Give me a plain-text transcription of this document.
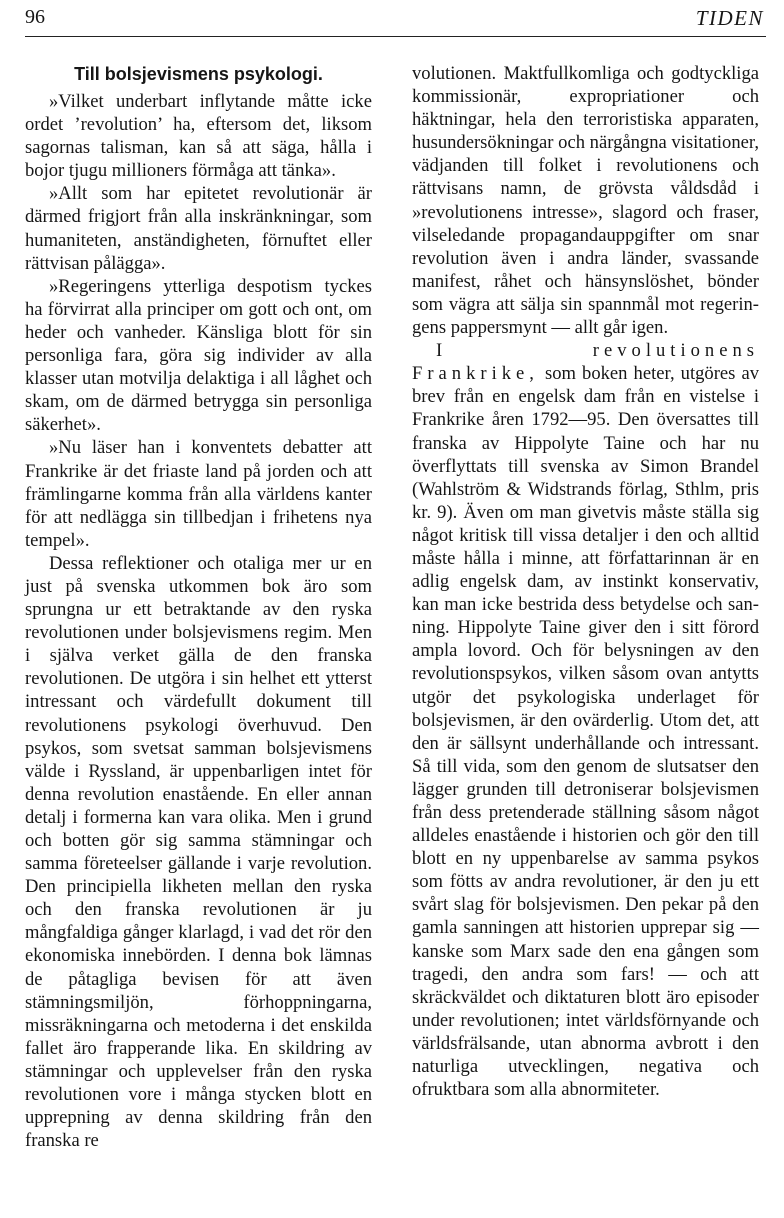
96	TIDEN
Till bolsjevismens psykologi.

»Vilket underbart inflytande måtte icke ordet ’revolution’ ha, eftersom det, liksom sagornas talisman, kan så att säga, hålla i bojor tjugu millioners förmåga att tänka».

»Allt som har epitetet revolutionär är därmed frigjort från alla inskränkningar, som humaniteten, anständigheten, förnuftet eller rättvisan pålägga».

»Regeringens ytterliga despotism tyckes ha förvirrat alla principer om gott och ont, om heder och vanheder. Känsliga blott för sin personliga fara, göra sig individer av alla klasser utan motvilja delaktiga i all låghet och skam, om de därmed betrygga sin personliga säkerhet».

»Nu läser han i konventets debatter att Frankrike är det friaste land på jorden och att främlingarne komma från alla världens kanter för att nedlägga sin tillbedjan i frihetens nya tempel».

Dessa reflektioner och otaliga mer ur en just på svenska utkommen bok äro som sprungna ur ett betraktande av den ryska revolutionen under bolsjevismens regim. Men i själva verket gälla de den franska revolutionen. De utgöra i sin helhet ett ytterst intressant och värdefullt dokument till revolutionens psykologi överhuvud. Den psykos, som svetsat samman bolsjevismens välde i Ryssland, är uppenbarligen intet för denna revolution enastående. En eller annan detalj i formerna kan vara olika. Men i grund och botten gör sig samma stämningar och samma företeelser gällande i varje revolution. Den principiella likheten mellan den ryska och den franska revolutionen är ju mångfaldiga gånger klarlagd, i vad det rör den ekonomiska innebörden. I denna bok lämnas de påtagliga bevisen för att även stämningsmiljön, förhoppningarna, missräkningarna och metoderna i det enskilda fallet äro frapperande lika. En skildring av stämningar och upplevelser från den ryska revolutionen vore i många stycken blott en upprepning av denna skildring från den franska re

volutionen. Maktfullkomliga och godtyckliga kommissionär, expropriationer och häktningar, hela den terroristiska apparaten, husundersökningar och närgångna visitationer, vädjanden till folket i revolutionens och rättvisans namn, de grövsta våldsdåd i »revolutionens intresse», slagord och fraser, vilseledande propagandauppgifter om snar revolution även i andra länder, svassande manifest, råhet och hänsynslöshet, bönder som vägra att sälja sin spannmål mot regeringens pappersmynt — allt går igen.

I revolutionens Frankrike, som boken heter, utgöres av brev från en engelsk dam från en vistelse i Frankrike åren 1792—95. Den översattes till franska av Hippolyte Taine och har nu överflyttats till svenska av Simon Brandel (Wahlström & Widstrands förlag, Sthlm, pris kr. 9). Även om man givetvis måste ställa sig något kritisk till vissa detaljer i den och alltid måste hålla i minne, att författarinnan är en adlig engelsk dam, av instinkt konservativ, kan man icke bestrida dess betydelse och sanning. Hippolyte Taine giver den i sitt förord ampla lovord. Och för belysningen av den revolutionspsykos, vilken såsom ovan antytts utgör det psykologiska underlaget för bolsjevismen, är den ovärderlig. Utom det, att den är sällsynt underhållande och intressant. Så till vida, som den genom de slutsatser den lägger grunden till detroniserar bolsjevismen från dess pretenderade ställning såsom något alldeles enastående i historien och gör den till blott en ny uppenbarelse av samma psykos som fötts av andra revolutioner, är den ju ett svårt slag för bolsjevismen. Den pekar på den gamla sanningen att historien upprepar sig — kanske som Marx sade den ena gången som tragedi, den andra som fars! — och att skräckväldet och diktaturen blott äro episoder under revolutionen; intet världsförnyande och världsfrälsande, utan abnorma avbrott i den naturliga utvecklingen, negativa och ofruktbara som alla abnormiteter.
